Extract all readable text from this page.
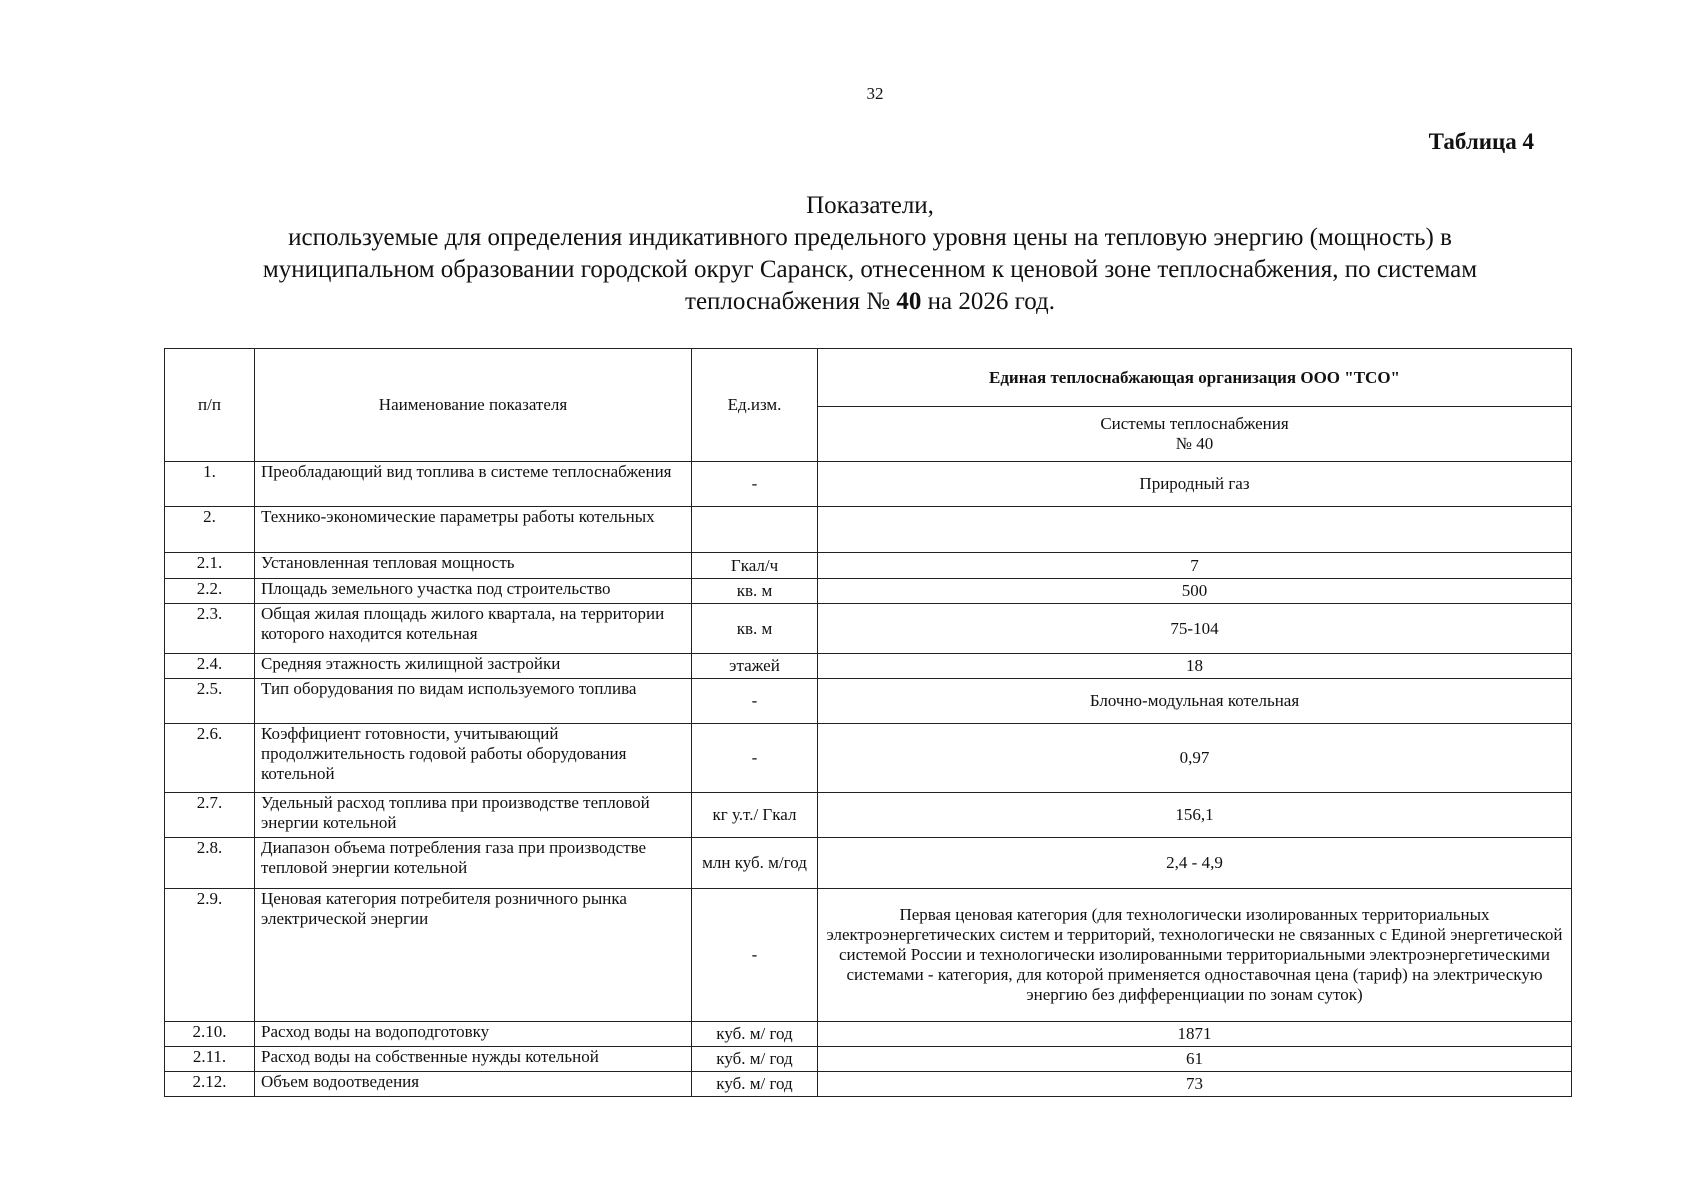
32
Таблица 4
Показатели,
используемые для определения индикативного предельного уровня цены на тепловую энергию (мощность) в
муниципальном образовании городской округ Саранск, отнесенном к ценовой зоне теплоснабжения, по системам
теплоснабжения № 40 на 2026 год.
п/п	Наименование показателя	Ед.изм.	Единая теплоснабжающая организация ООО "ТСО"

			Системы теплоснабжения
№ 40

1.	Преобладающий вид топлива в системе теплоснабжения	-	Природный газ
2.	Технико-экономические параметры работы котельных		
2.1.	Установленная тепловая мощность	Гкал/ч	7
2.2.	Площадь земельного участка под строительство	кв. м	500
2.3.	Общая жилая площадь жилого квартала, на территории которого находится котельная	кв. м	75-104
2.4.	Средняя этажность жилищной застройки	этажей	18
2.5.	Тип оборудования по видам используемого топлива	-	Блочно-модульная котельная
2.6.	Коэффициент готовности, учитывающий продолжительность годовой работы оборудования котельной	-	0,97
2.7.	Удельный расход топлива при производстве тепловой энергии котельной	кг у.т./ Гкал	156,1
2.8.	Диапазон объема потребления газа при производстве тепловой энергии котельной	млн куб. м/год	2,4 - 4,9
2.9.	Ценовая категория потребителя розничного рынка электрической энергии	-	Первая ценовая категория (для технологически изолированных территориальных электроэнергетических систем и территорий, технологически не связанных с Единой энергетической системой России и технологически изолированными территориальными электроэнергетическими системами - категория, для которой применяется одноставочная цена (тариф) на электрическую энергию без дифференциации по зонам суток)
2.10.	Расход воды на водоподготовку	куб. м/ год	1871
2.11.	Расход воды на собственные нужды котельной	куб. м/ год	61
2.12.	Объем водоотведения	куб. м/ год	73
